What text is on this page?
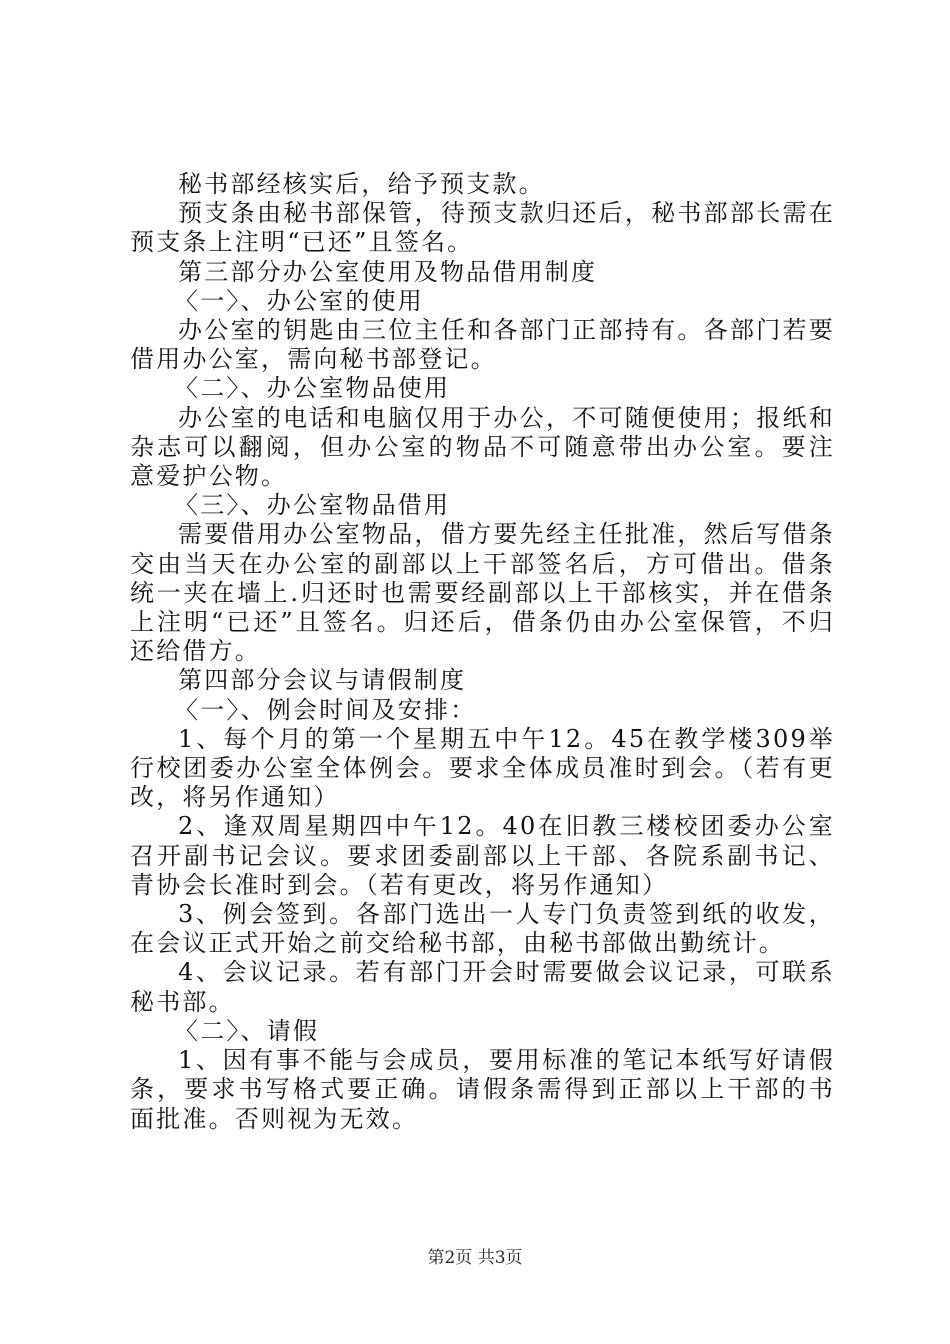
秘书部经核实后，给予预支款。

预支条由秘书部保管，待预支款归还后，秘书部部长需在预支条上注明“已还”且签名。

第三部分办公室使用及物品借用制度

〈一〉、办公室的使用

办公室的钥匙由三位主任和各部门正部持有。各部门若要借用办公室，需向秘书部登记。

〈二〉、办公室物品使用

办公室的电话和电脑仅用于办公，不可随便使用；报纸和杂志可以翻阅，但办公室的物品不可随意带出办公室。要注意爱护公物。

〈三〉、办公室物品借用

需要借用办公室物品，借方要先经主任批准，然后写借条交由当天在办公室的副部以上干部签名后，方可借出。借条统一夹在墙上.归还时也需要经副部以上干部核实，并在借条上注明“已还”且签名。归还后，借条仍由办公室保管，不归还给借方。

第四部分会议与请假制度

〈一〉、例会时间及安排：

1、每个月的第一个星期五中午12。45在教学楼309举行校团委办公室全体例会。要求全体成员准时到会。（若有更改，将另作通知）

2、逢双周星期四中午12。40在旧教三楼校团委办公室召开副书记会议。要求团委副部以上干部、各院系副书记、青协会长准时到会。（若有更改，将另作通知）

3、例会签到。各部门选出一人专门负责签到纸的收发，在会议正式开始之前交给秘书部，由秘书部做出勤统计。

4、会议记录。若有部门开会时需要做会议记录，可联系秘书部。

〈二〉、请假

1、因有事不能与会成员，要用标准的笔记本纸写好请假条，要求书写格式要正确。请假条需得到正部以上干部的书面批准。否则视为无效。

第2页 共3页
